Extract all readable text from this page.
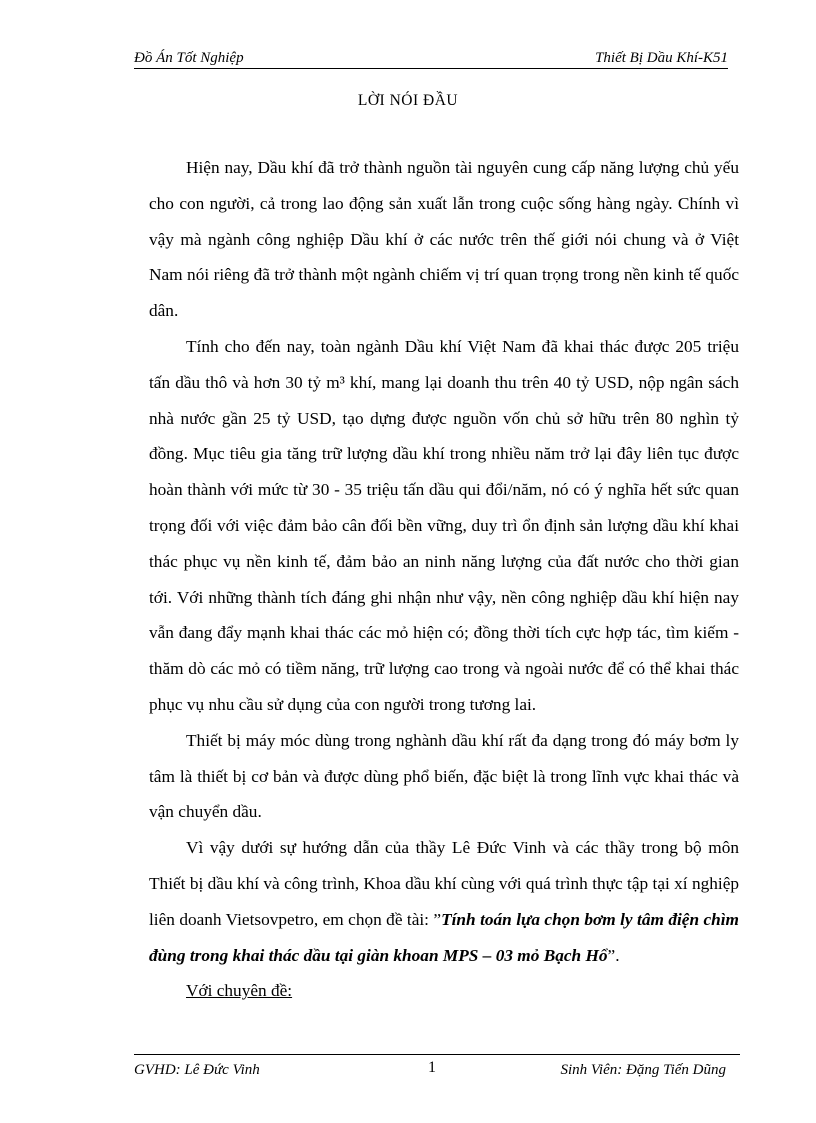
Đồ Án Tốt Nghiệp	Thiết Bị Dầu Khí-K51
LỜI NÓI ĐẦU

Hiện nay, Dầu khí đã trở thành nguồn tài nguyên cung cấp năng lượng chủ yếu cho con người, cả trong lao động sản xuất lẫn trong cuộc sống hàng ngày. Chính vì vậy mà ngành công nghiệp Dầu khí ở các nước trên thế giới nói chung và ở Việt Nam nói riêng đã trở thành một ngành chiếm vị trí quan trọng trong nền kinh tế quốc dân.

Tính cho đến nay, toàn ngành Dầu khí Việt Nam đã khai thác được 205 triệu tấn dầu thô và hơn 30 tỷ m³ khí, mang lại doanh thu trên 40 tỷ USD, nộp ngân sách nhà nước gần 25 tỷ USD, tạo dựng được nguồn vốn chủ sở hữu trên 80 nghìn tỷ đồng. Mục tiêu gia tăng trữ lượng dầu khí trong nhiều năm trở lại đây liên tục được hoàn thành với mức từ 30 - 35 triệu tấn dầu qui đổi/năm, nó có ý nghĩa hết sức quan trọng đối với việc đảm bảo cân đối bền vững, duy trì ổn định sản lượng dầu khí khai thác phục vụ nền kinh tế, đảm bảo an ninh năng lượng của đất nước cho thời gian tới. Với những thành tích đáng ghi nhận như vậy, nền công nghiệp dầu khí hiện nay vẫn đang đẩy mạnh khai thác các mỏ hiện có; đồng thời tích cực hợp tác, tìm kiếm - thăm dò các mỏ có tiềm năng, trữ lượng cao trong và ngoài nước để có thể khai thác phục vụ nhu cầu sử dụng của con người trong tương lai.

Thiết bị máy móc dùng trong nghành dầu khí rất đa dạng trong đó máy bơm ly tâm là thiết bị cơ bản và được dùng phổ biến, đặc biệt là trong lĩnh vực khai thác và vận chuyển dầu.

Vì vậy dưới sự hướng dẫn của thầy Lê Đức Vinh và các thầy trong bộ môn Thiết bị dầu khí và công trình, Khoa dầu khí cùng với quá trình thực tập tại xí nghiệp liên doanh Vietsovpetro, em chọn đề tài: ”Tính toán lựa chọn bơm ly tâm điện chìm đùng trong khai thác dầu tại giàn khoan MPS – 03 mỏ Bạch Hổ”.

Với chuyên đề:

GVHD: Lê Đức Vinh	1	Sinh Viên: Đặng Tiến Dũng
